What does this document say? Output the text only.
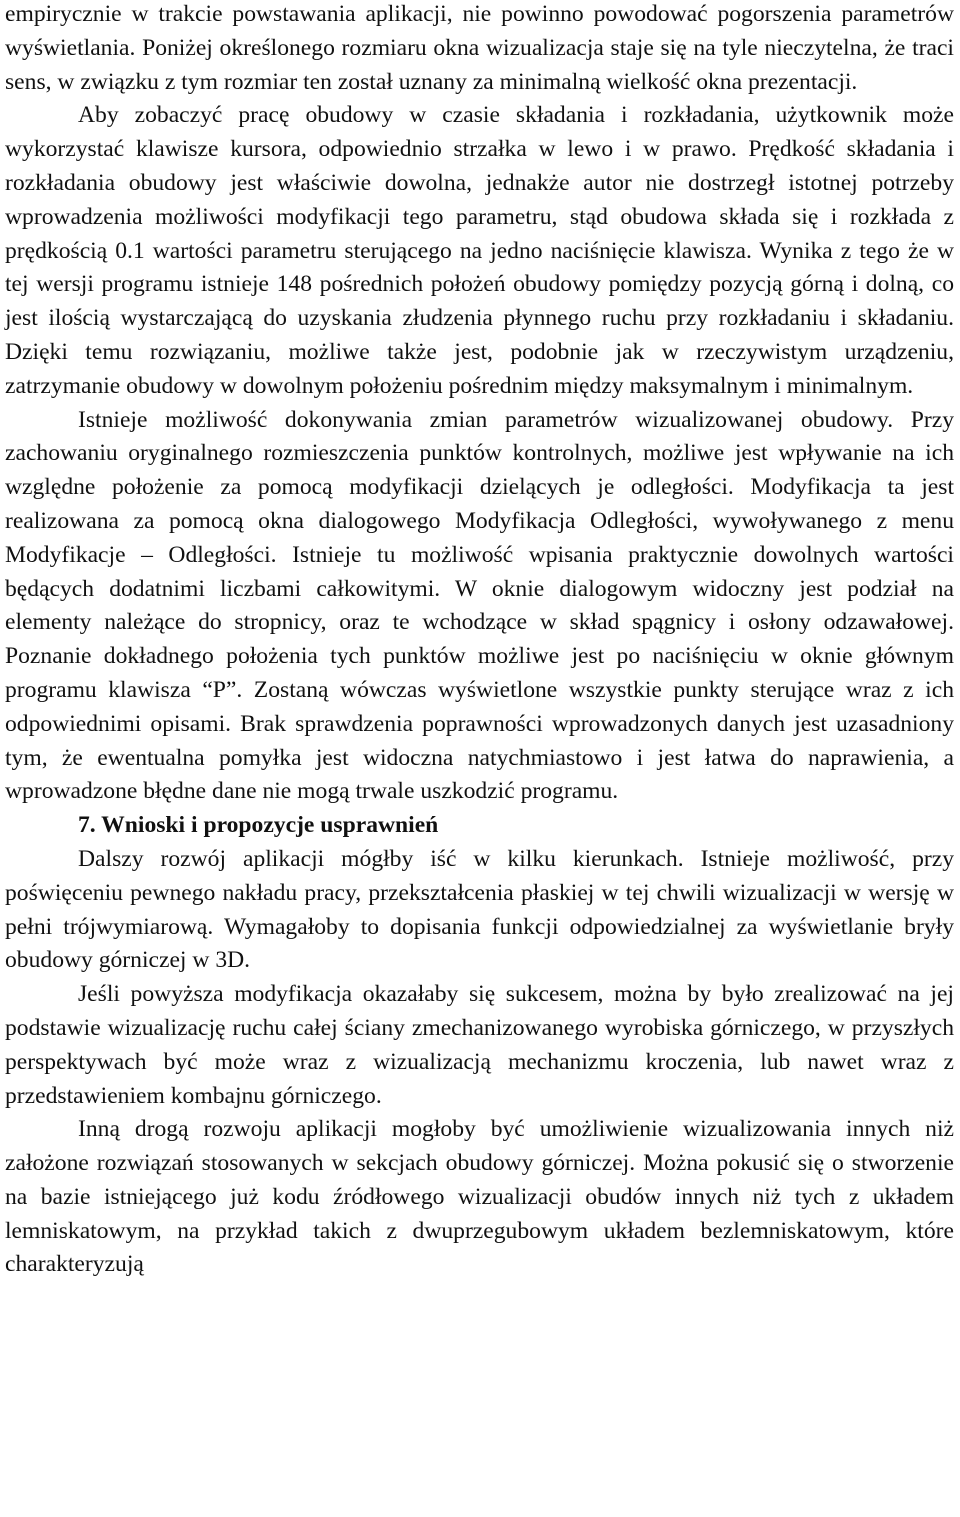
empirycznie w trakcie powstawania aplikacji, nie powinno powodować pogorszenia parametrów wyświetlania. Poniżej określonego rozmiaru okna wizualizacja staje się na tyle nieczytelna, że traci sens, w związku z tym rozmiar ten został uznany za minimalną wielkość okna prezentacji.

Aby zobaczyć pracę obudowy w czasie składania i rozkładania, użytkownik może wykorzystać klawisze kursora, odpowiednio strzałka w lewo i w prawo. Prędkość składania i rozkładania obudowy jest właściwie dowolna, jednakże autor nie dostrzegł istotnej potrzeby wprowadzenia możliwości modyfikacji tego parametru, stąd obudowa składa się i rozkłada z prędkością 0.1 wartości parametru sterującego na jedno naciśnięcie klawisza. Wynika z tego że w tej wersji programu istnieje 148 pośrednich położeń obudowy pomiędzy pozycją górną i dolną, co jest ilością wystarczającą do uzyskania złudzenia płynnego ruchu przy rozkładaniu i składaniu. Dzięki temu rozwiązaniu, możliwe także jest, podobnie jak w rzeczywistym urządzeniu, zatrzymanie obudowy w dowolnym położeniu pośrednim między maksymalnym i minimalnym.

Istnieje możliwość dokonywania zmian parametrów wizualizowanej obudowy. Przy zachowaniu oryginalnego rozmieszczenia punktów kontrolnych, możliwe jest wpływanie na ich względne położenie za pomocą modyfikacji dzielących je odległości. Modyfikacja ta jest realizowana za pomocą okna dialogowego Modyfikacja Odległości, wywoływanego z menu Modyfikacje – Odległości. Istnieje tu możliwość wpisania praktycznie dowolnych wartości będących dodatnimi liczbami całkowitymi. W oknie dialogowym widoczny jest podział na elementy należące do stropnicy, oraz te wchodzące w skład spągnicy i osłony odzawałowej. Poznanie dokładnego położenia tych punktów możliwe jest po naciśnięciu w oknie głównym programu klawisza “P”. Zostaną wówczas wyświetlone wszystkie punkty sterujące wraz z ich odpowiednimi opisami. Brak sprawdzenia poprawności wprowadzonych danych jest uzasadniony tym, że ewentualna pomyłka jest widoczna natychmiastowo i jest łatwa do naprawienia, a wprowadzone błędne dane nie mogą trwale uszkodzić programu.

7. Wnioski i propozycje usprawnień

Dalszy rozwój aplikacji mógłby iść w kilku kierunkach. Istnieje możliwość, przy poświęceniu pewnego nakładu pracy, przekształcenia płaskiej w tej chwili wizualizacji w wersję w pełni trójwymiarową. Wymagałoby to dopisania funkcji odpowiedzialnej za wyświetlanie bryły obudowy górniczej w 3D.

Jeśli powyższa modyfikacja okazałaby się sukcesem, można by było zrealizować na jej podstawie wizualizację ruchu całej ściany zmechanizowanego wyrobiska górniczego, w przyszłych perspektywach być może wraz z wizualizacją mechanizmu kroczenia, lub nawet wraz z przedstawieniem kombajnu górniczego.

Inną drogą rozwoju aplikacji mogłoby być umożliwienie wizualizowania innych niż założone rozwiązań stosowanych w sekcjach obudowy górniczej. Można pokusić się o stworzenie na bazie istniejącego już kodu źródłowego wizualizacji obudów innych niż tych z układem lemniskatowym, na przykład takich z dwuprzegubowym układem bezlemniskatowym, które charakteryzują
